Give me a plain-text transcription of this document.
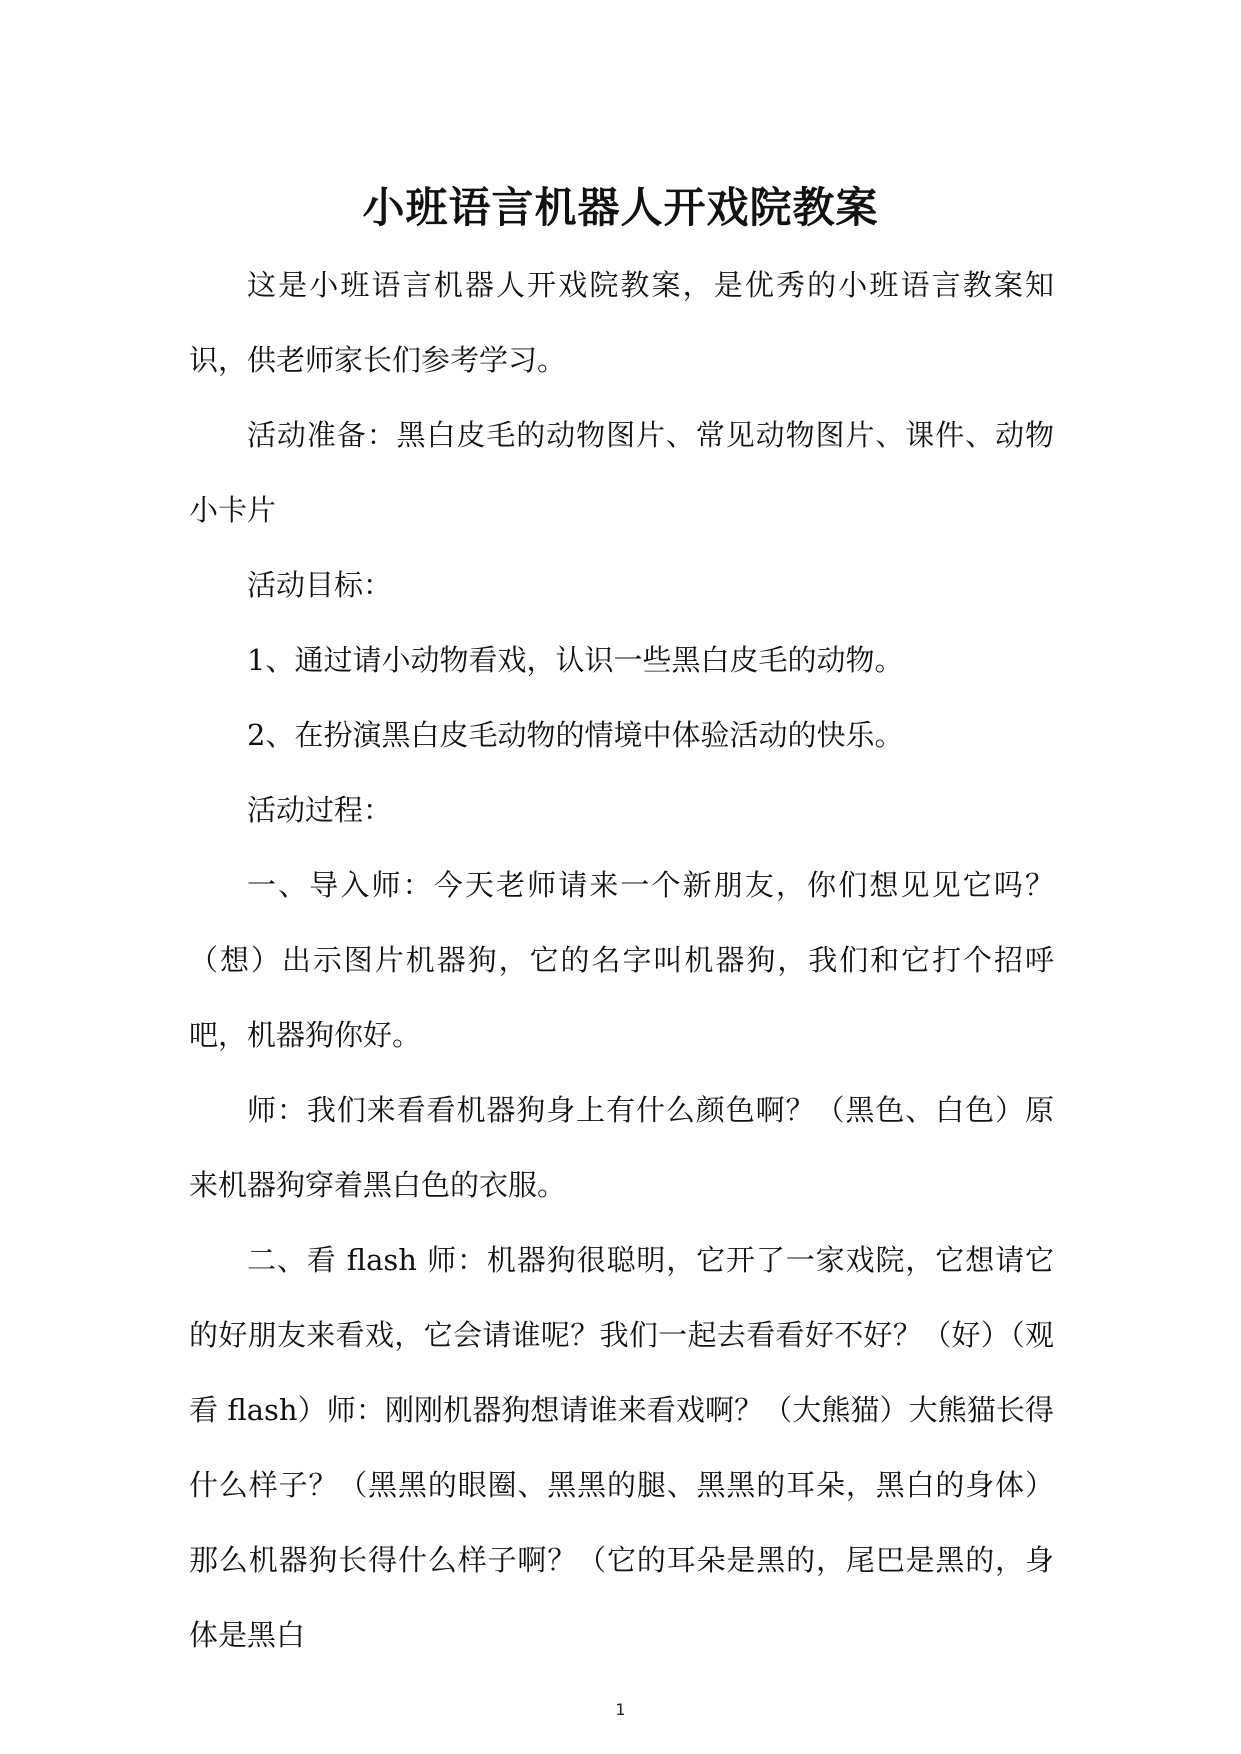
小班语言机器人开戏院教案

这是小班语言机器人开戏院教案，是优秀的小班语言教案知识，供老师家长们参考学习。

活动准备：黑白皮毛的动物图片、常见动物图片、课件、动物小卡片

活动目标：

1、通过请小动物看戏，认识一些黑白皮毛的动物。

2、在扮演黑白皮毛动物的情境中体验活动的快乐。

活动过程：

一、导入师：今天老师请来一个新朋友，你们想见见它吗？（想）出示图片机器狗，它的名字叫机器狗，我们和它打个招呼吧，机器狗你好。

师：我们来看看机器狗身上有什么颜色啊？（黑色、白色）原来机器狗穿着黑白色的衣服。

二、看 flash 师：机器狗很聪明，它开了一家戏院，它想请它的好朋友来看戏，它会请谁呢？我们一起去看看好不好？（好）（观看 flash）师：刚刚机器狗想请谁来看戏啊？（大熊猫）大熊猫长得什么样子？（黑黑的眼圈、黑黑的腿、黑黑的耳朵，黑白的身体）那么机器狗长得什么样子啊？（它的耳朵是黑的，尾巴是黑的，身体是黑白

1
